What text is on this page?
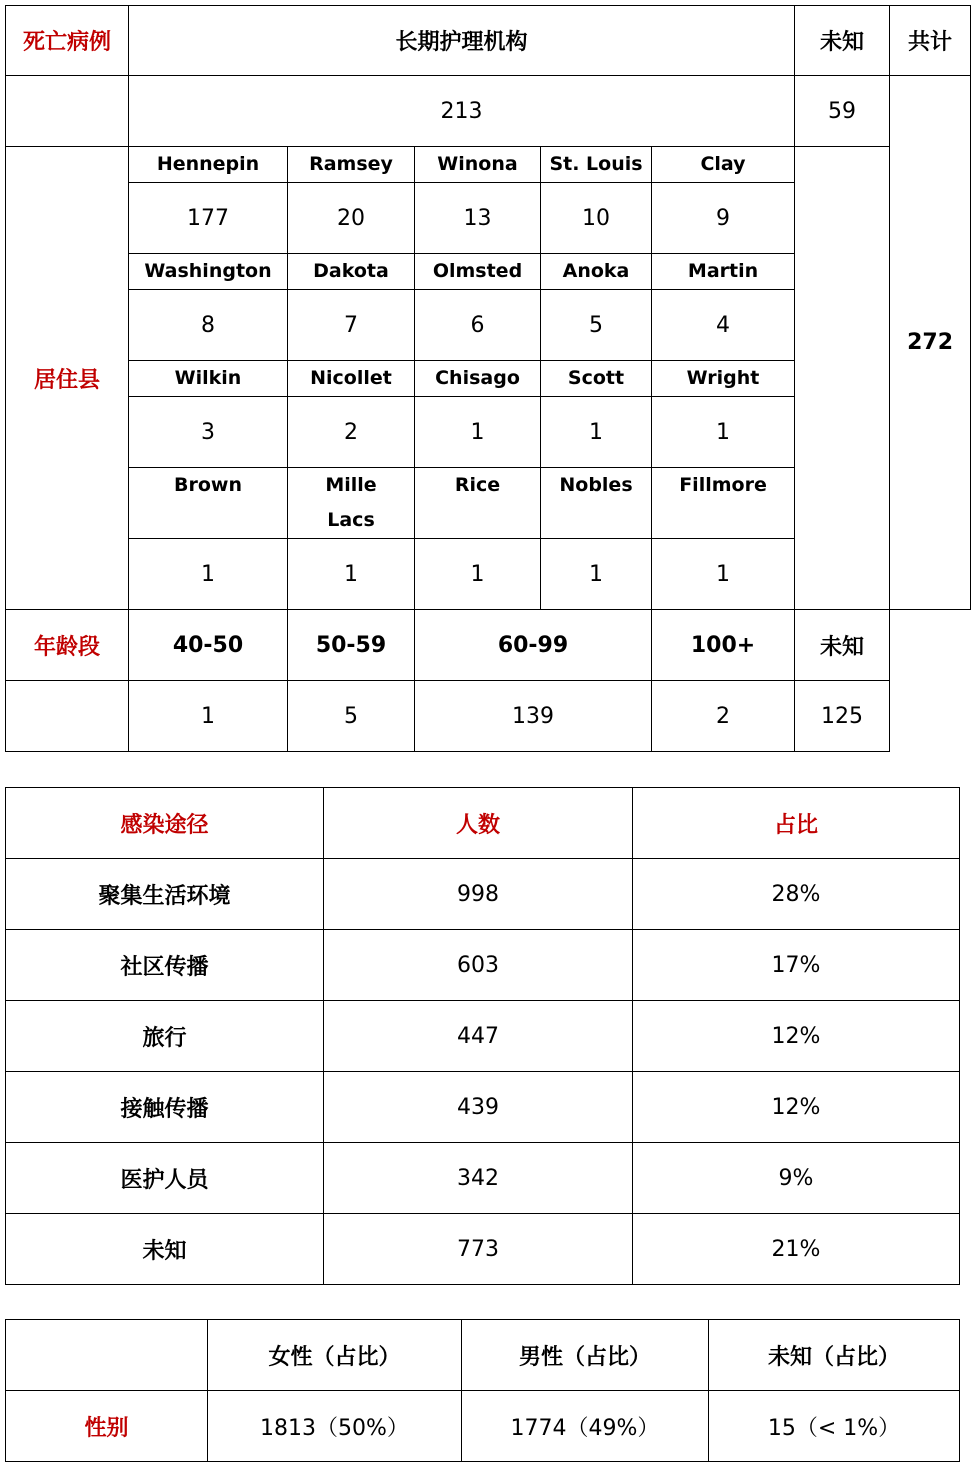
死亡病例	长期护理机构					未知	共计
	213					59	272
居住县	Hennepin	Ramsey	Winona	St. Louis	Clay		
	177	20	13	10	9		
	Washington	Dakota	Olmsted	Anoka	Martin		
	8	7	6	5	4		
	Wilkin	Nicollet	Chisago	Scott	Wright		
	3	2	1	1	1		
	Brown	Mille Lacs	Rice	Nobles	Fillmore		
	1	1	1	1	1		
年龄段	40-50	50-59	60-99		100+	未知	
	1	5	139		2	125	
感染途径	人数	占比
聚集生活环境	998	28%
社区传播	603	17%
旅行	447	12%
接触传播	439	12%
医护人员	342	9%
未知	773	21%
	女性（占比）	男性（占比）	未知（占比）
性别	1813（50%）	1774（49%）	15（< 1%）
